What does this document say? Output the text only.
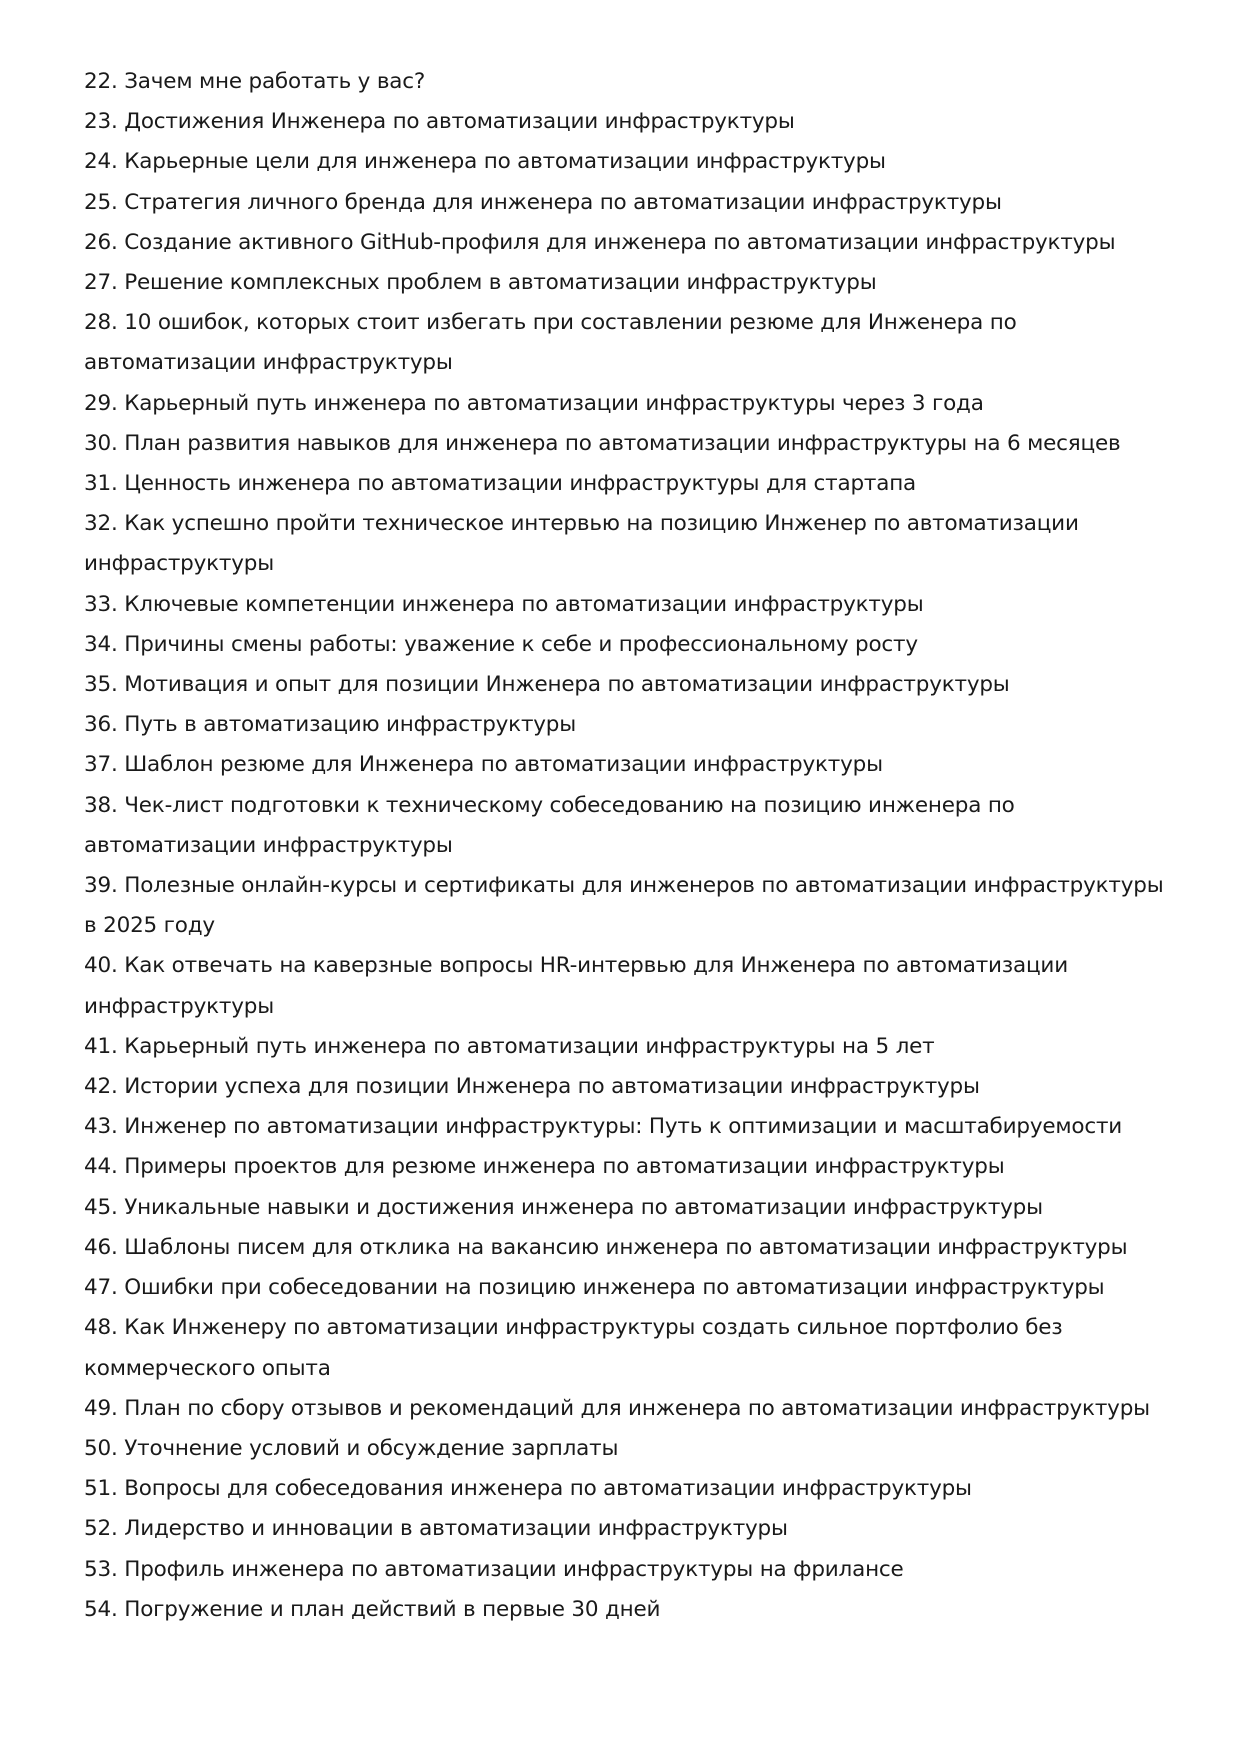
22. Зачем мне работать у вас?
23. Достижения Инженера по автоматизации инфраструктуры
24. Карьерные цели для инженера по автоматизации инфраструктуры
25. Стратегия личного бренда для инженера по автоматизации инфраструктуры
26. Создание активного GitHub-профиля для инженера по автоматизации инфраструктуры
27. Решение комплексных проблем в автоматизации инфраструктуры
28. 10 ошибок, которых стоит избегать при составлении резюме для Инженера по автоматизации инфраструктуры
29. Карьерный путь инженера по автоматизации инфраструктуры через 3 года
30. План развития навыков для инженера по автоматизации инфраструктуры на 6 месяцев
31. Ценность инженера по автоматизации инфраструктуры для стартапа
32. Как успешно пройти техническое интервью на позицию Инженер по автоматизации инфраструктуры
33. Ключевые компетенции инженера по автоматизации инфраструктуры
34. Причины смены работы: уважение к себе и профессиональному росту
35. Мотивация и опыт для позиции Инженера по автоматизации инфраструктуры
36. Путь в автоматизацию инфраструктуры
37. Шаблон резюме для Инженера по автоматизации инфраструктуры
38. Чек-лист подготовки к техническому собеседованию на позицию инженера по автоматизации инфраструктуры
39. Полезные онлайн-курсы и сертификаты для инженеров по автоматизации инфраструктуры в 2025 году
40. Как отвечать на каверзные вопросы HR-интервью для Инженера по автоматизации инфраструктуры
41. Карьерный путь инженера по автоматизации инфраструктуры на 5 лет
42. Истории успеха для позиции Инженера по автоматизации инфраструктуры
43. Инженер по автоматизации инфраструктуры: Путь к оптимизации и масштабируемости
44. Примеры проектов для резюме инженера по автоматизации инфраструктуры
45. Уникальные навыки и достижения инженера по автоматизации инфраструктуры
46. Шаблоны писем для отклика на вакансию инженера по автоматизации инфраструктуры
47. Ошибки при собеседовании на позицию инженера по автоматизации инфраструктуры
48. Как Инженеру по автоматизации инфраструктуры создать сильное портфолио без коммерческого опыта
49. План по сбору отзывов и рекомендаций для инженера по автоматизации инфраструктуры
50. Уточнение условий и обсуждение зарплаты
51. Вопросы для собеседования инженера по автоматизации инфраструктуры
52. Лидерство и инновации в автоматизации инфраструктуры
53. Профиль инженера по автоматизации инфраструктуры на фрилансе
54. Погружение и план действий в первые 30 дней
